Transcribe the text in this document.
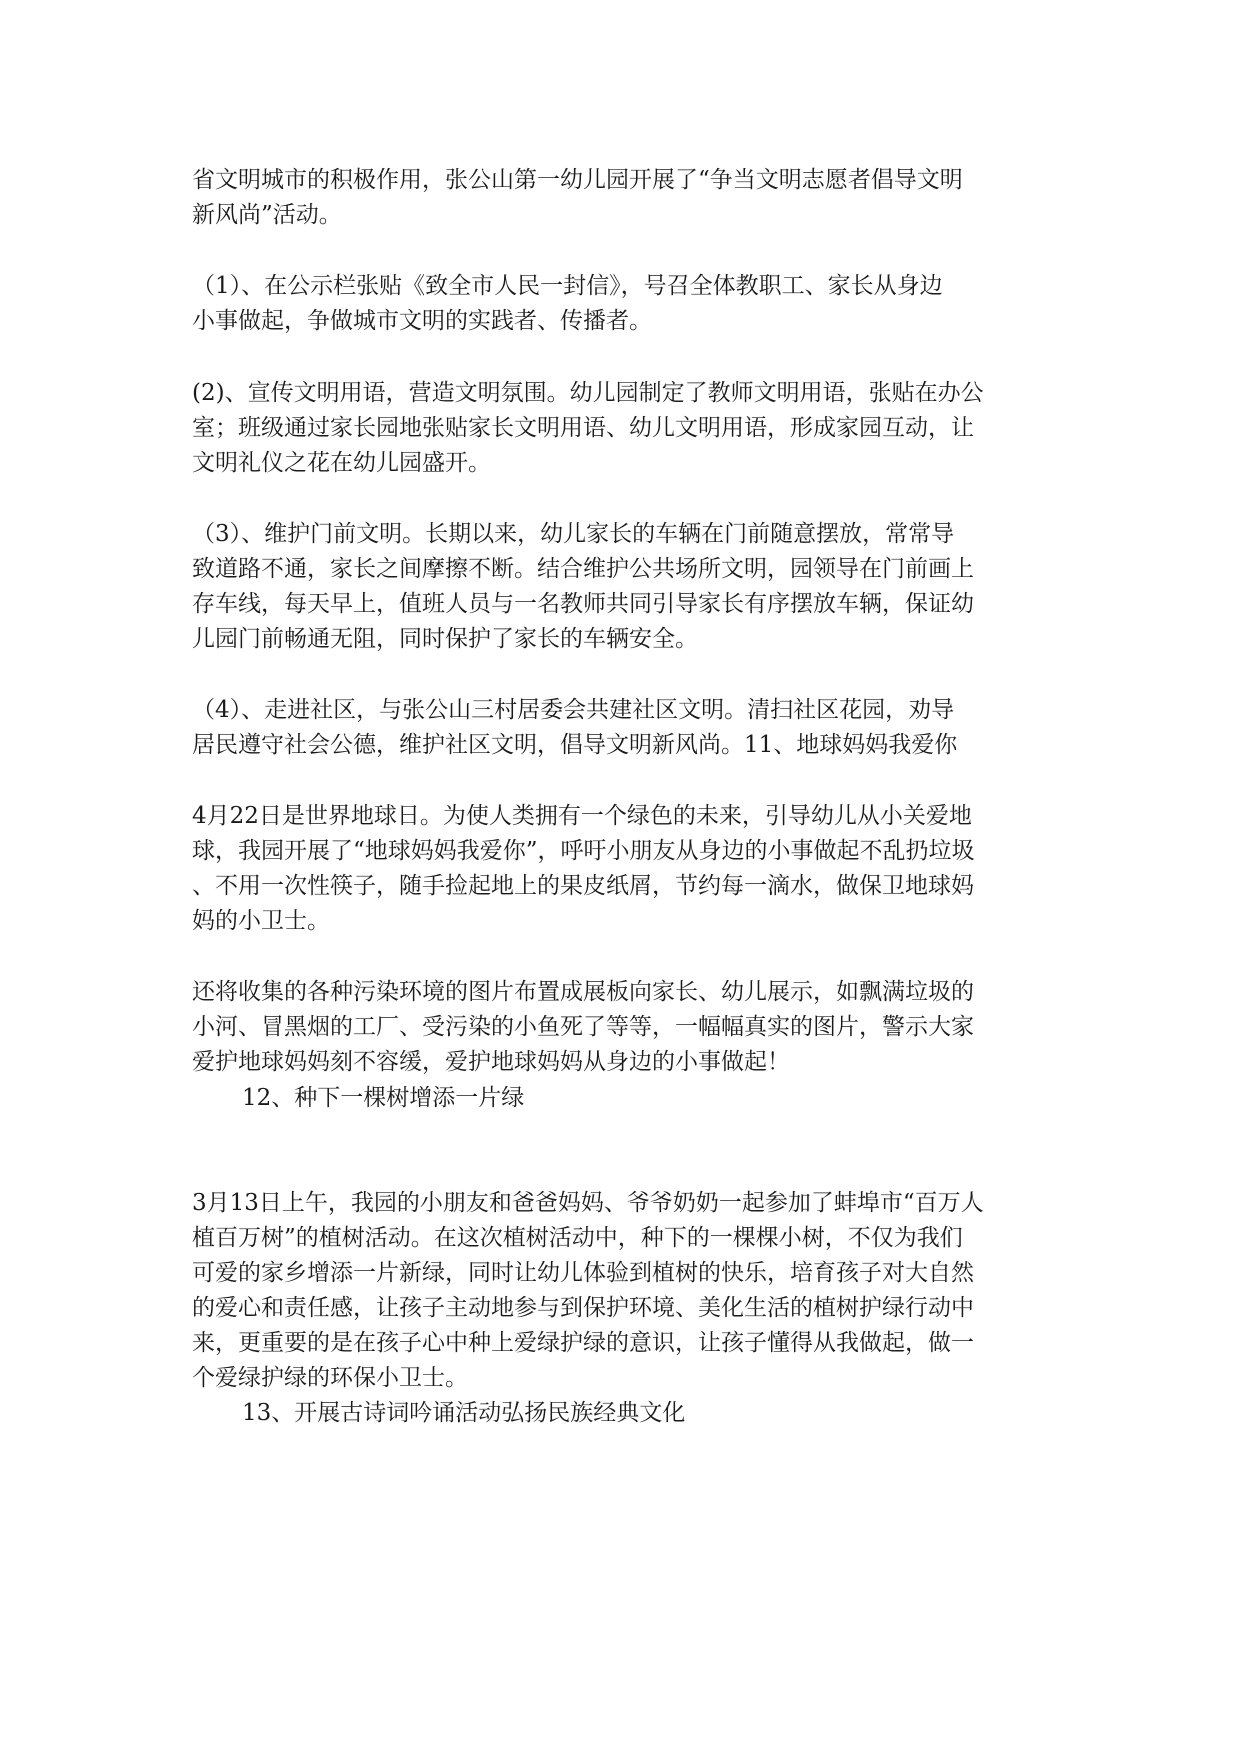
省文明城市的积极作用，张公山第一幼儿园开展了“争当文明志愿者倡导文明
新风尚”活动。

（1）、在公示栏张贴《致全市人民一封信》，号召全体教职工、家长从身边
小事做起，争做城市文明的实践者、传播者。

(2)、宣传文明用语，营造文明氛围。幼儿园制定了教师文明用语，张贴在办公
室；班级通过家长园地张贴家长文明用语、幼儿文明用语，形成家园互动，让
文明礼仪之花在幼儿园盛开。

（3）、维护门前文明。长期以来，幼儿家长的车辆在门前随意摆放，常常导
致道路不通，家长之间摩擦不断。结合维护公共场所文明，园领导在门前画上
存车线，每天早上，值班人员与一名教师共同引导家长有序摆放车辆，保证幼
儿园门前畅通无阻，同时保护了家长的车辆安全。

（4）、走进社区，与张公山三村居委会共建社区文明。清扫社区花园，劝导
居民遵守社会公德，维护社区文明，倡导文明新风尚。11、地球妈妈我爱你

4月22日是世界地球日。为使人类拥有一个绿色的未来，引导幼儿从小关爱地
球，我园开展了“地球妈妈我爱你”，呼吁小朋友从身边的小事做起不乱扔垃圾
、不用一次性筷子，随手捡起地上的果皮纸屑，节约每一滴水，做保卫地球妈
妈的小卫士。

还将收集的各种污染环境的图片布置成展板向家长、幼儿展示，如飘满垃圾的
小河、冒黑烟的工厂、受污染的小鱼死了等等，一幅幅真实的图片，警示大家
爱护地球妈妈刻不容缓，爱护地球妈妈从身边的小事做起！

12、种下一棵树增添一片绿

3月13日上午，我园的小朋友和爸爸妈妈、爷爷奶奶一起参加了蚌埠市“百万人
植百万树”的植树活动。在这次植树活动中，种下的一棵棵小树，不仅为我们
可爱的家乡增添一片新绿，同时让幼儿体验到植树的快乐，培育孩子对大自然
的爱心和责任感，让孩子主动地参与到保护环境、美化生活的植树护绿行动中
来，更重要的是在孩子心中种上爱绿护绿的意识，让孩子懂得从我做起，做一
个爱绿护绿的环保小卫士。

13、开展古诗词吟诵活动弘扬民族经典文化
